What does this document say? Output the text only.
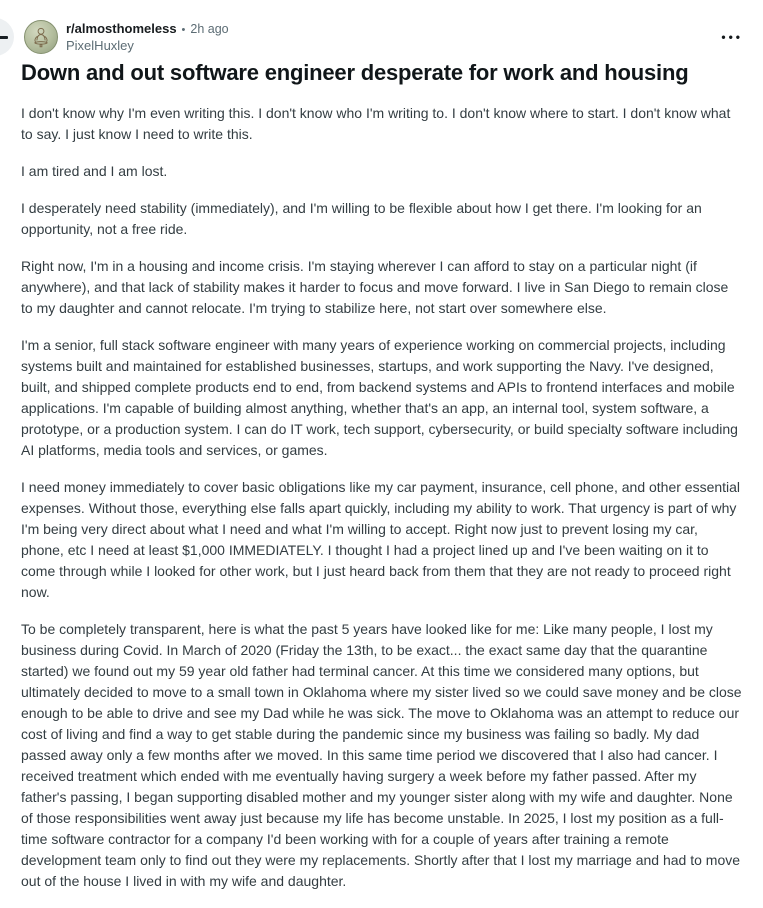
r/almosthomeless • 2h ago
PixelHuxley
•••
Down and out software engineer desperate for work and housing

I don't know why I'm even writing this. I don't know who I'm writing to. I don't know where to start. I don't know what to say. I just know I need to write this.

I am tired and I am lost.

I desperately need stability (immediately), and I'm willing to be flexible about how I get there. I'm looking for an opportunity, not a free ride.

Right now, I'm in a housing and income crisis. I'm staying wherever I can afford to stay on a particular night (if anywhere), and that lack of stability makes it harder to focus and move forward. I live in San Diego to remain close to my daughter and cannot relocate. I'm trying to stabilize here, not start over somewhere else.

I'm a senior, full stack software engineer with many years of experience working on commercial projects, including systems built and maintained for established businesses, startups, and work supporting the Navy. I've designed, built, and shipped complete products end to end, from backend systems and APIs to frontend interfaces and mobile applications. I'm capable of building almost anything, whether that's an app, an internal tool, system software, a prototype, or a production system. I can do IT work, tech support, cybersecurity, or build specialty software including AI platforms, media tools and services, or games.

I need money immediately to cover basic obligations like my car payment, insurance, cell phone, and other essential expenses. Without those, everything else falls apart quickly, including my ability to work. That urgency is part of why I'm being very direct about what I need and what I'm willing to accept. Right now just to prevent losing my car, phone, etc I need at least $1,000 IMMEDIATELY. I thought I had a project lined up and I've been waiting on it to come through while I looked for other work, but I just heard back from them that they are not ready to proceed right now.

To be completely transparent, here is what the past 5 years have looked like for me: Like many people, I lost my business during Covid. In March of 2020 (Friday the 13th, to be exact... the exact same day that the quarantine started) we found out my 59 year old father had terminal cancer. At this time we considered many options, but ultimately decided to move to a small town in Oklahoma where my sister lived so we could save money and be close enough to be able to drive and see my Dad while he was sick. The move to Oklahoma was an attempt to reduce our cost of living and find a way to get stable during the pandemic since my business was failing so badly. My dad passed away only a few months after we moved. In this same time period we discovered that I also had cancer. I received treatment which ended with me eventually having surgery a week before my father passed. After my father's passing, I began supporting disabled mother and my younger sister along with my wife and daughter. None of those responsibilities went away just because my life has become unstable. In 2025, I lost my position as a full-time software contractor for a company I'd been working with for a couple of years after training a remote development team only to find out they were my replacements. Shortly after that I lost my marriage and had to move out of the house I lived in with my wife and daughter.
